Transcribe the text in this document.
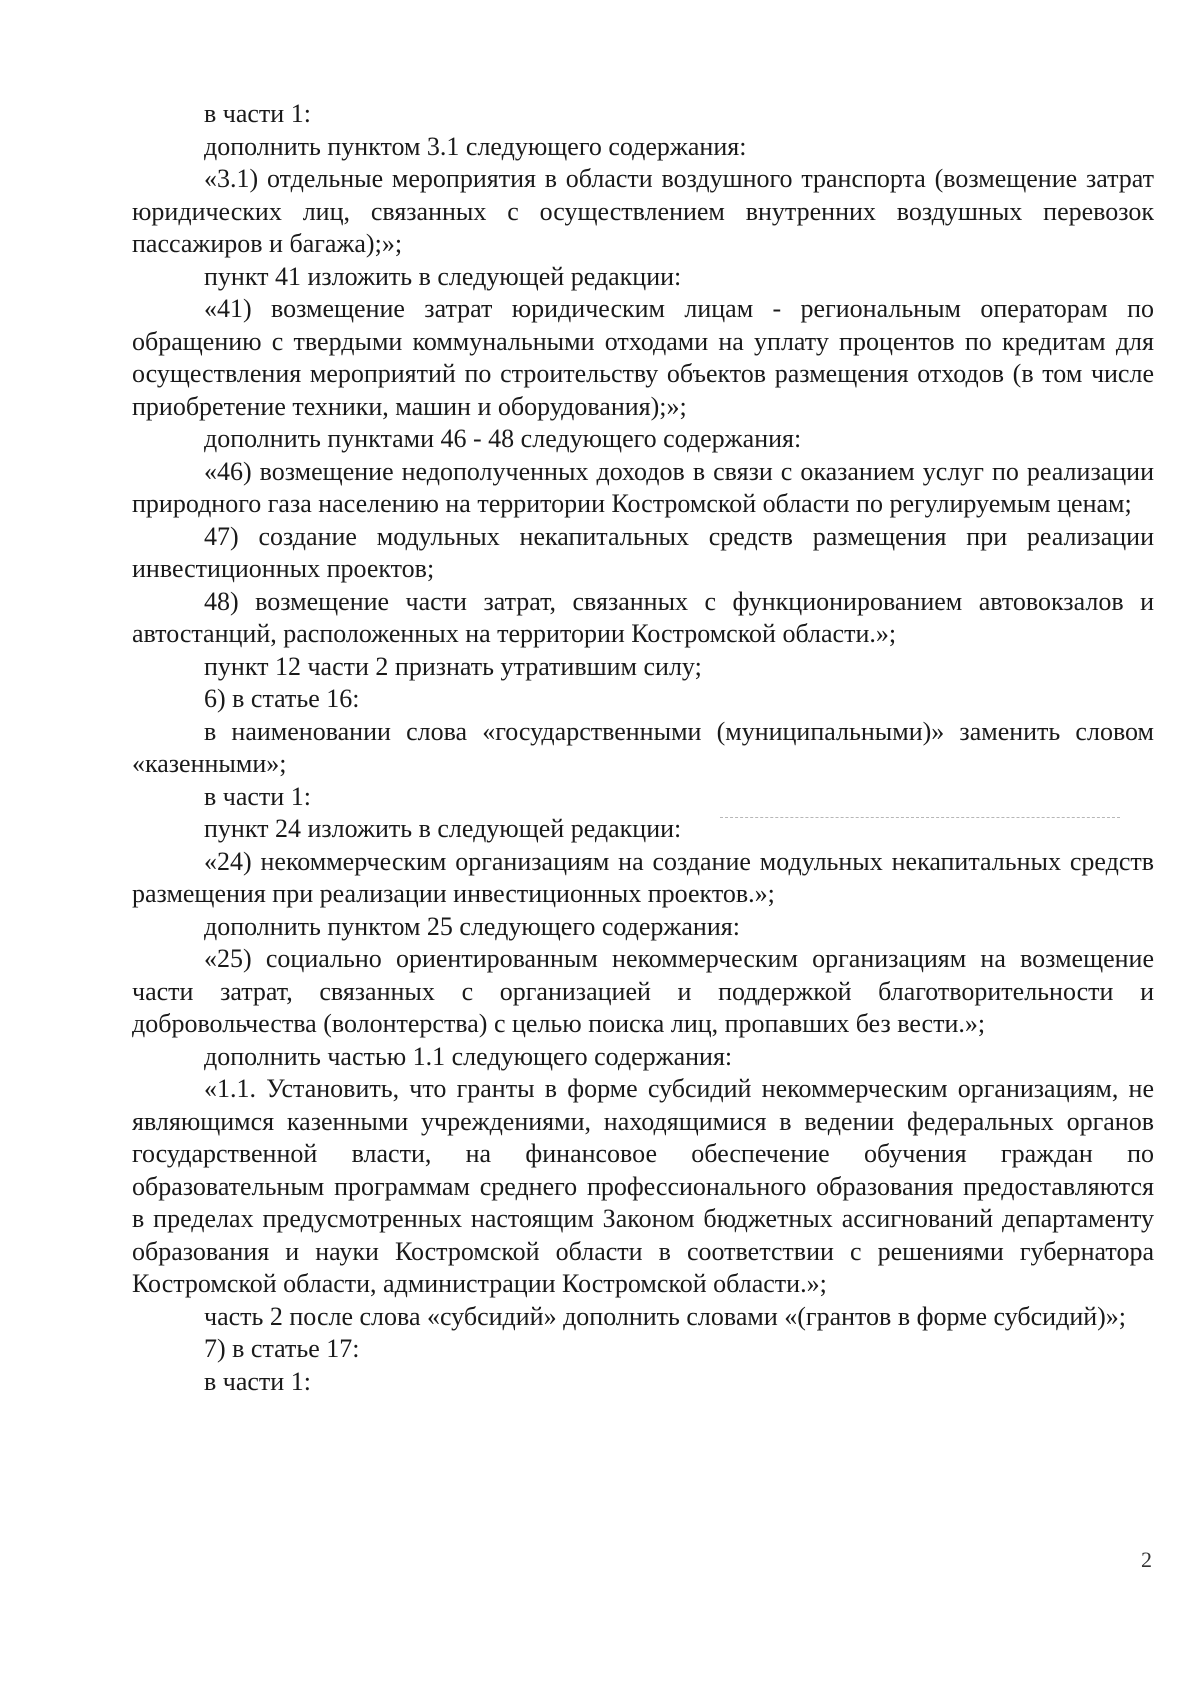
в части 1:

дополнить пунктом 3.1 следующего содержания:

«3.1) отдельные мероприятия в области воздушного транспорта (возмещение затрат юридических лиц, связанных с осуществлением внутренних воздушных перевозок пассажиров и багажа);»;

пункт 41 изложить в следующей редакции:

«41) возмещение затрат юридическим лицам - региональным операторам по обращению с твердыми коммунальными отходами на уплату процентов по кредитам для осуществления мероприятий по строительству объектов размещения отходов (в том числе приобретение техники, машин и оборудования);»;

дополнить пунктами 46 - 48 следующего содержания:

«46) возмещение недополученных доходов в связи с оказанием услуг по реализации природного газа населению на территории Костромской области по регулируемым ценам;

47) создание модульных некапитальных средств размещения при реализации инвестиционных проектов;

48) возмещение части затрат, связанных с функционированием автовокзалов и автостанций, расположенных на территории Костромской области.»;

пункт 12 части 2 признать утратившим силу;

6) в статье 16:

в наименовании слова «государственными (муниципальными)» заменить словом «казенными»;

в части 1:

пункт 24 изложить в следующей редакции:

«24) некоммерческим организациям на создание модульных некапитальных средств размещения при реализации инвестиционных проектов.»;

дополнить пунктом 25 следующего содержания:

«25) социально ориентированным некоммерческим организациям на возмещение части затрат, связанных с организацией и поддержкой благотворительности и добровольчества (волонтерства) с целью поиска лиц, пропавших без вести.»;

дополнить частью 1.1 следующего содержания:

«1.1. Установить, что гранты в форме субсидий некоммерческим организациям, не являющимся казенными учреждениями, находящимися в ведении федеральных органов государственной власти, на финансовое обеспечение обучения граждан по образовательным программам среднего профессионального образования предоставляются в пределах предусмотренных настоящим Законом бюджетных ассигнований департаменту образования и науки Костромской области в соответствии с решениями губернатора Костромской области, администрации Костромской области.»;

часть 2 после слова «субсидий» дополнить словами «(грантов в форме субсидий)»;

7) в статье 17:

в части 1:

2
